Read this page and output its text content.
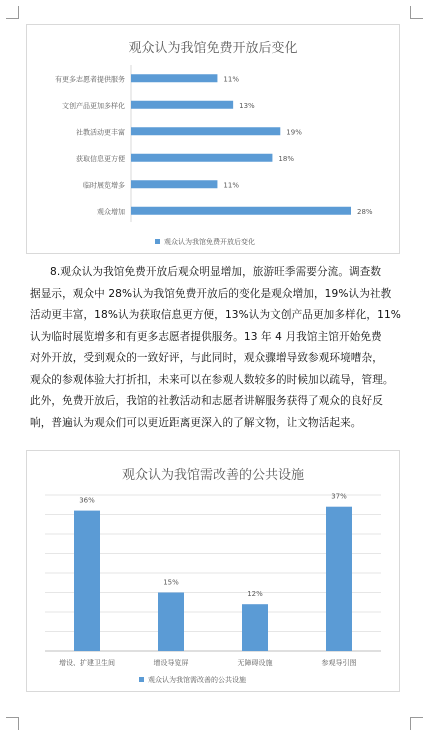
观众认为我馆免费开放后变化
有更多志愿者提供服务	11%
文创产品更加多样化	13%
社教活动更丰富	19%
获取信息更方便	18%
临时展览增多	11%
观众增加	28%
观众认为我馆免费开放后变化
8.观众认为我馆免费开放后观众明显增加，旅游旺季需要分流。调查数
据显示，观众中 28%认为我馆免费开放后的变化是观众增加，19%认为社教
活动更丰富，18%认为获取信息更方便，13%认为文创产品更加多样化，11%
认为临时展览增多和有更多志愿者提供服务。13 年 4 月我馆主馆开始免费
对外开放，受到观众的一致好评，与此同时，观众骤增导致参观环境嘈杂，
观众的参观体验大打折扣，未来可以在参观人数较多的时候加以疏导，管理。
此外，免费开放后，我馆的社教活动和志愿者讲解服务获得了观众的良好反
响，普遍认为观众们可以更近距离更深入的了解文物，让文物活起来。
观众认为我馆需改善的公共设施
36%
增设、扩建卫生间
15%
增设导览屏
12%
无障碍设施
37%
参观导引图
观众认为我馆需改善的公共设施
